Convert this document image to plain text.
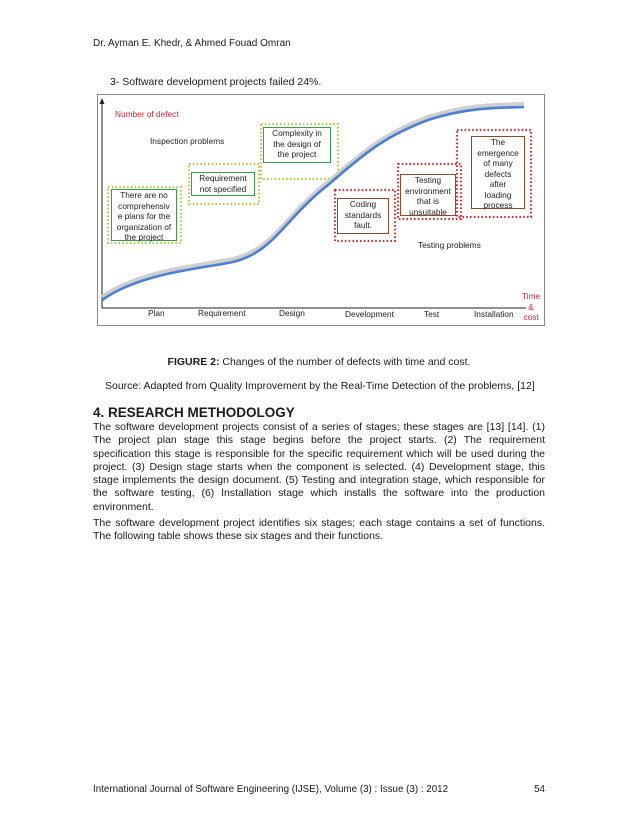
Dr. Ayman E. Khedr, & Ahmed Fouad Omran
3- Software development projects failed 24%.
Number of defect
Inspection problems
Testing problems
There are no
comprehensiv
e plans for the
organization of
the project
Requirement
not specified
Complexity in
the design of
the project
Coding
standards
fault.
Testing
environment
that is
unsuitable
The
emergence
of many
defects
after
loading
process
Time
&
cost
Plan	Requirement	Design	Development	Test	Installation
FIGURE 2: Changes of the number of defects with time and cost.
Source: Adapted from Quality Improvement by the Real-Time Detection of the problems, [12]
4. RESEARCH METHODOLOGY
The software development projects consist of a series of stages; these stages are [13] [14]. (1) The project plan stage this stage begins before the project starts. (2) The requirement specification this stage is responsible for the specific requirement which will be used during the project. (3) Design stage starts when the component is selected. (4) Development stage, this stage implements the design document. (5) Testing and integration stage, which responsible for the software testing, (6) Installation stage which installs the software into the production environment.
The software development project identifies six stages; each stage contains a set of functions. The following table shows these six stages and their functions.
International Journal of Software Engineering (IJSE), Volume (3) : Issue (3) : 2012	54
